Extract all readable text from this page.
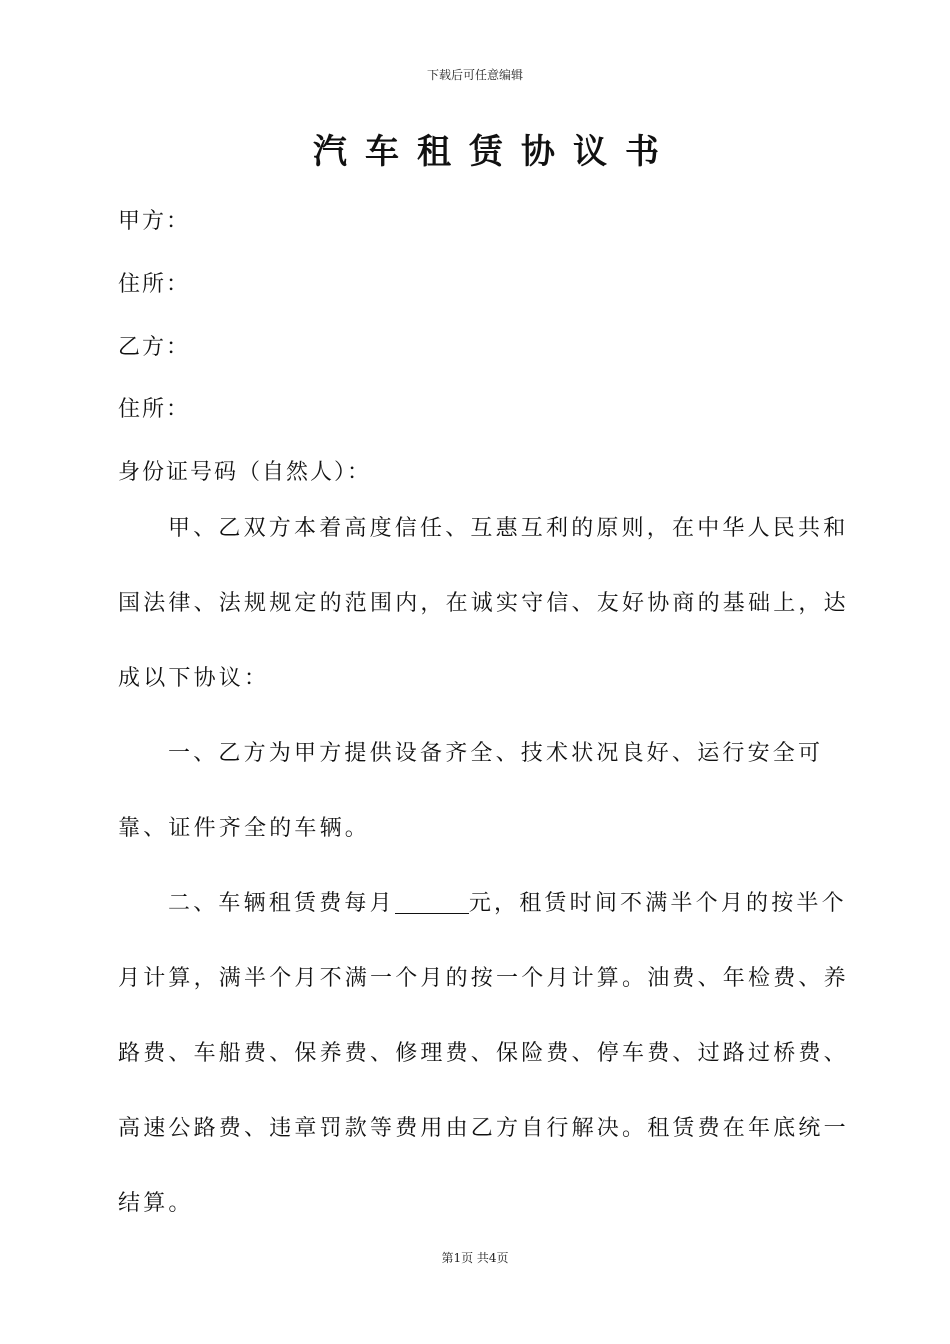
下载后可任意编辑
汽车租赁协议书
甲方：
住所：
乙方：
住所：
身份证号码（自然人）：

甲、乙双方本着高度信任、互惠互利的原则，在中华人民共和国法律、法规规定的范围内，在诚实守信、友好协商的基础上，达成以下协议：

一、乙方为甲方提供设备齐全、技术状况良好、运行安全可靠、证件齐全的车辆。

二、车辆租赁费每月	元，租赁时间不满半个月的按半个月计算，满半个月不满一个月的按一个月计算。油费、年检费、养路费、车船费、保养费、修理费、保险费、停车费、过路过桥费、高速公路费、违章罚款等费用由乙方自行解决。租赁费在年底统一结算。

第1页 共4页
